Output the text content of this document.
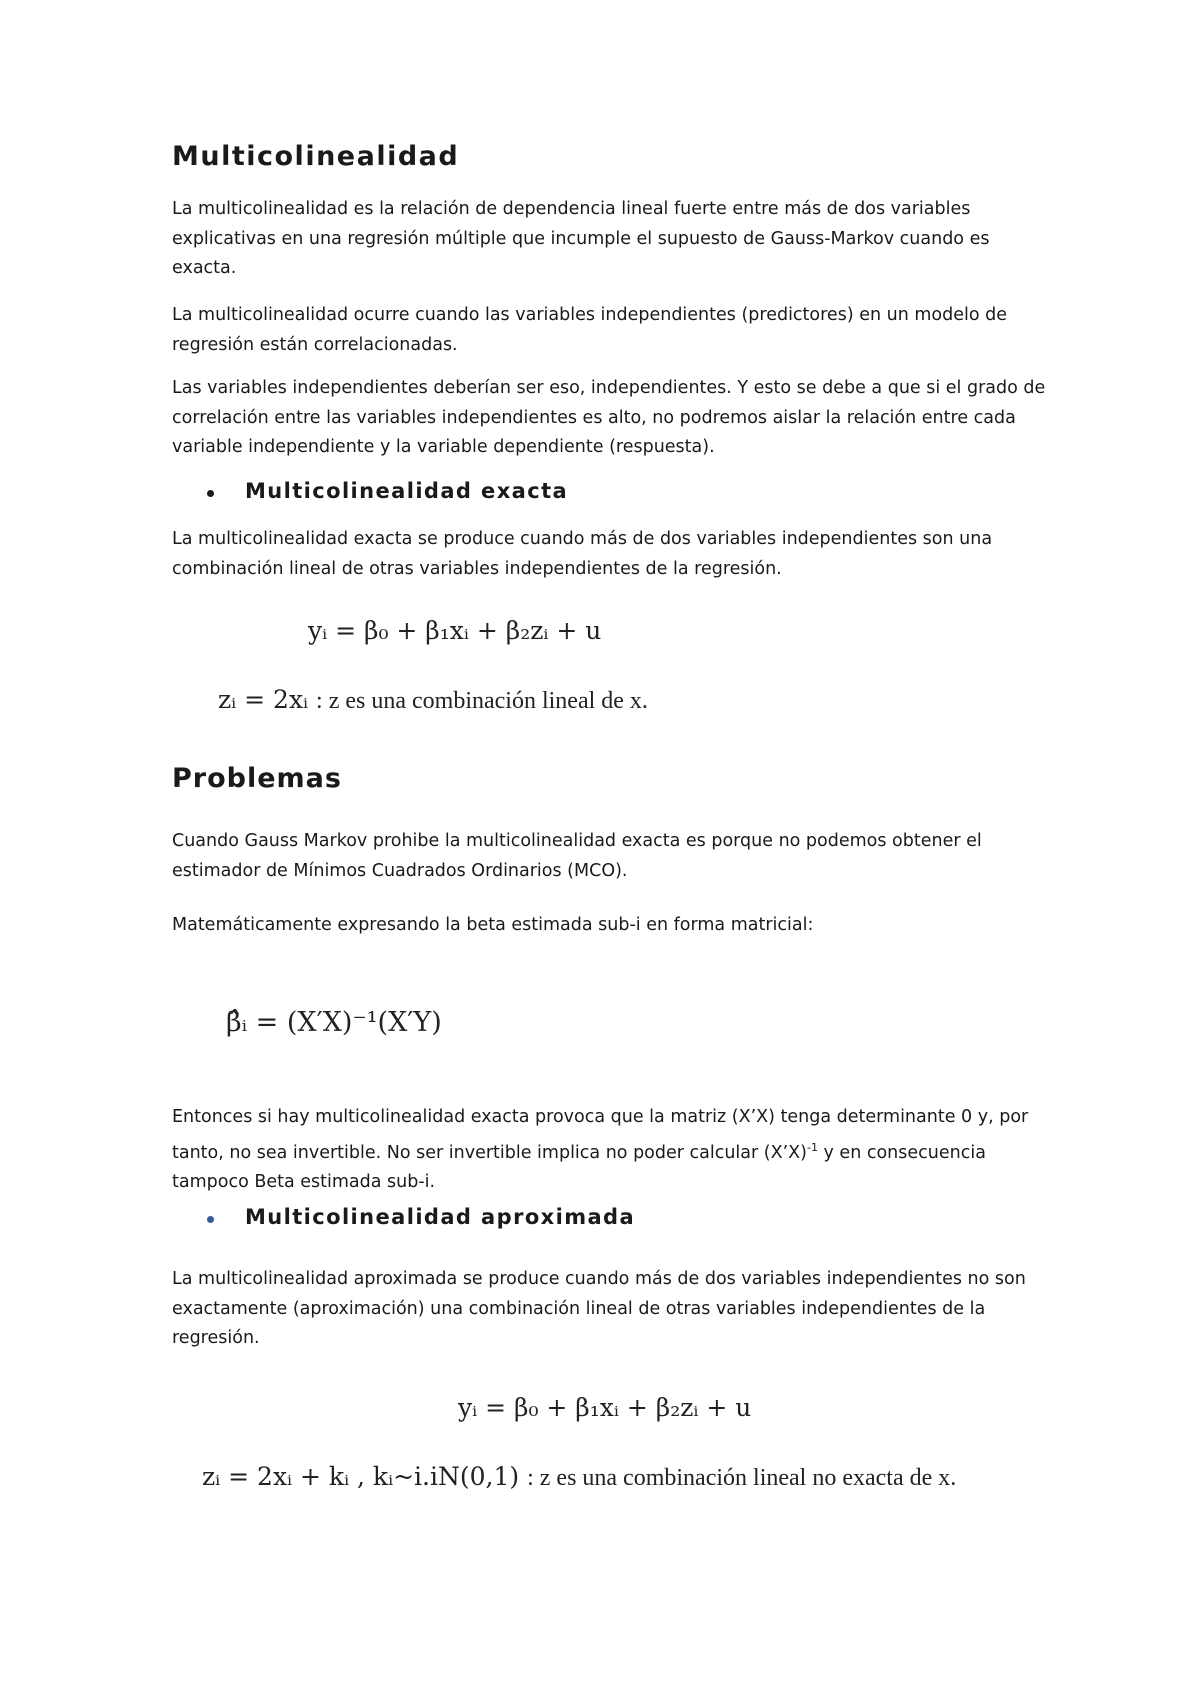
Multicolinealidad

La multicolinealidad es la relación de dependencia lineal fuerte entre más de dos variables explicativas en una regresión múltiple que incumple el supuesto de Gauss-Markov cuando es exacta.

La multicolinealidad ocurre cuando las variables independientes (predictores) en un modelo de regresión están correlacionadas.

Las variables independientes deberían ser eso, independientes. Y esto se debe a que si el grado de correlación entre las variables independientes es alto, no podremos aislar la relación entre cada variable independiente y la variable dependiente (respuesta).

Multicolinealidad exacta

La multicolinealidad exacta se produce cuando más de dos variables independientes son una combinación lineal de otras variables independientes de la regresión.

yᵢ = β₀ + β₁xᵢ + β₂zᵢ + u
zᵢ = 2xᵢ : z es una combinación lineal de x.
Problemas

Cuando Gauss Markov prohibe la multicolinealidad exacta es porque no podemos obtener el estimador de Mínimos Cuadrados Ordinarios (MCO).

Matemáticamente expresando la beta estimada sub-i en forma matricial:

β̂ᵢ = (X′X)⁻¹(X′Y)

Entonces si hay multicolinealidad exacta provoca que la matriz (X’X) tenga determinante 0 y, por tanto, no sea invertible. No ser invertible implica no poder calcular (X’X)$^{-1}$ y en consecuencia tampoco Beta estimada sub-i.

Multicolinealidad aproximada

La multicolinealidad aproximada se produce cuando más de dos variables independientes no son exactamente (aproximación) una combinación lineal de otras variables independientes de la regresión.

yᵢ = β₀ + β₁xᵢ + β₂zᵢ + u
zᵢ = 2xᵢ + kᵢ , kᵢ~i.iN(0,1) : z es una combinación lineal no exacta de x.
